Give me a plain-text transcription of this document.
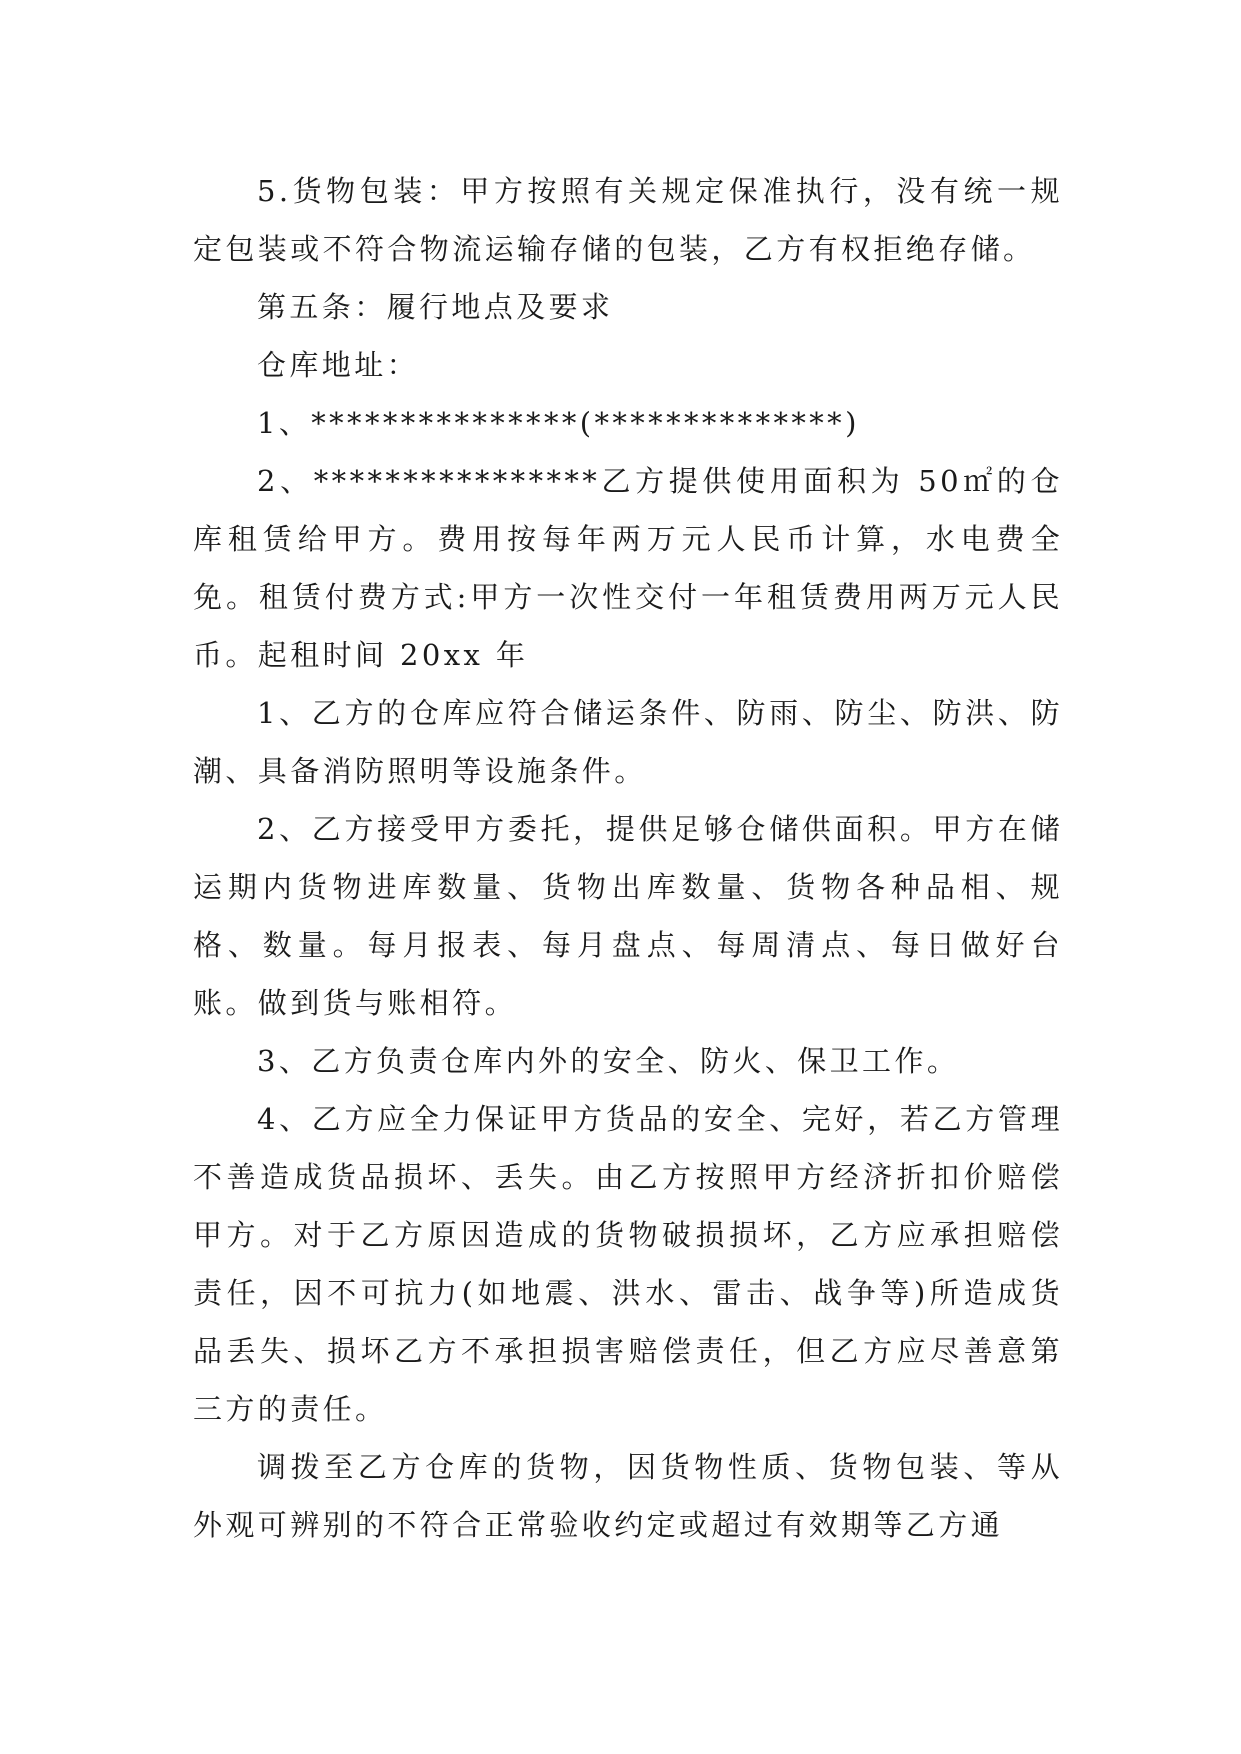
5.货物包装：甲方按照有关规定保准执行，没有统一规定包装或不符合物流运输存储的包装，乙方有权拒绝存储。

第五条：履行地点及要求

仓库地址：

1、***************(**************)

2、****************乙方提供使用面积为 50㎡的仓库租赁给甲方。费用按每年两万元人民币计算，水电费全免。租赁付费方式:甲方一次性交付一年租赁费用两万元人民币。起租时间 20xx 年

1、乙方的仓库应符合储运条件、防雨、防尘、防洪、防潮、具备消防照明等设施条件。

2、乙方接受甲方委托，提供足够仓储供面积。甲方在储运期内货物进库数量、货物出库数量、货物各种品相、规格、数量。每月报表、每月盘点、每周清点、每日做好台账。做到货与账相符。

3、乙方负责仓库内外的安全、防火、保卫工作。

4、乙方应全力保证甲方货品的安全、完好，若乙方管理不善造成货品损坏、丢失。由乙方按照甲方经济折扣价赔偿甲方。对于乙方原因造成的货物破损损坏，乙方应承担赔偿责任，因不可抗力(如地震、洪水、雷击、战争等)所造成货品丢失、损坏乙方不承担损害赔偿责任，但乙方应尽善意第三方的责任。

调拨至乙方仓库的货物，因货物性质、货物包装、等从外观可辨别的不符合正常验收约定或超过有效期等乙方通
